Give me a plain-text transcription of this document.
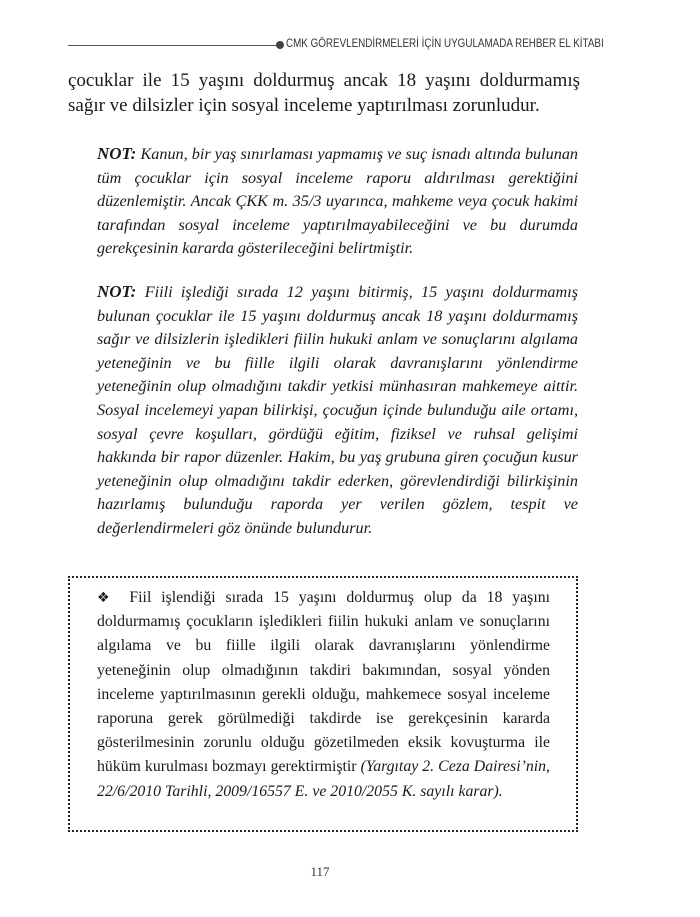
CMK GÖREVLENDİRMELERİ İÇİN UYGULAMADA REHBER EL KİTABI
çocuklar ile 15 yaşını doldurmuş ancak 18 yaşını doldurmamış sağır ve dilsizler için sosyal inceleme yaptırılması zorunludur.
NOT: Kanun, bir yaş sınırlaması yapmamış ve suç isnadı altında bulunan tüm çocuklar için sosyal inceleme raporu aldırılması gerektiğini düzenlemiştir. Ancak ÇKK m. 35/3 uyarınca, mahkeme veya çocuk hakimi tarafından sosyal inceleme yaptırılmayabileceğini ve bu durumda gerekçesinin kararda gösterileceğini belirtmiştir.
NOT: Fiili işlediği sırada 12 yaşını bitirmiş, 15 yaşını doldurmamış bulunan çocuklar ile 15 yaşını doldurmuş ancak 18 yaşını doldurmamış sağır ve dilsizlerin işledikleri fiilin hukuki anlam ve sonuçlarını algılama yeteneğinin ve bu fiille ilgili olarak davranışlarını yönlendirme yeteneğinin olup olmadığını takdir yetkisi münhasıran mahkemeye aittir. Sosyal incelemeyi yapan bilirkişi, çocuğun içinde bulunduğu aile ortamı, sosyal çevre koşulları, gördüğü eğitim, fiziksel ve ruhsal gelişimi hakkında bir rapor düzenler. Hakim, bu yaş grubuna giren çocuğun kusur yeteneğinin olup olmadığını takdir ederken, görevlendirdiği bilirkişinin hazırlamış bulunduğu raporda yer verilen gözlem, tespit ve değerlendirmeleri göz önünde bulundurur.
❖ Fiil işlendiği sırada 15 yaşını doldurmuş olup da 18 yaşını doldurmamış çocukların işledikleri fiilin hukuki anlam ve sonuçlarını algılama ve bu fiille ilgili olarak davranışlarını yönlendirme yeteneğinin olup olmadığının takdiri bakımından, sosyal yönden inceleme yaptırılmasının gerekli olduğu, mahkemece sosyal inceleme raporuna gerek görülmediği takdirde ise gerekçesinin kararda gösterilmesinin zorunlu olduğu gözetilmeden eksik kovuşturma ile hüküm kurulması bozmayı gerektirmiştir (Yargıtay 2. Ceza Dairesi’nin, 22/6/2010 Tarihli, 2009/16557 E. ve 2010/2055 K. sayılı karar).
117
